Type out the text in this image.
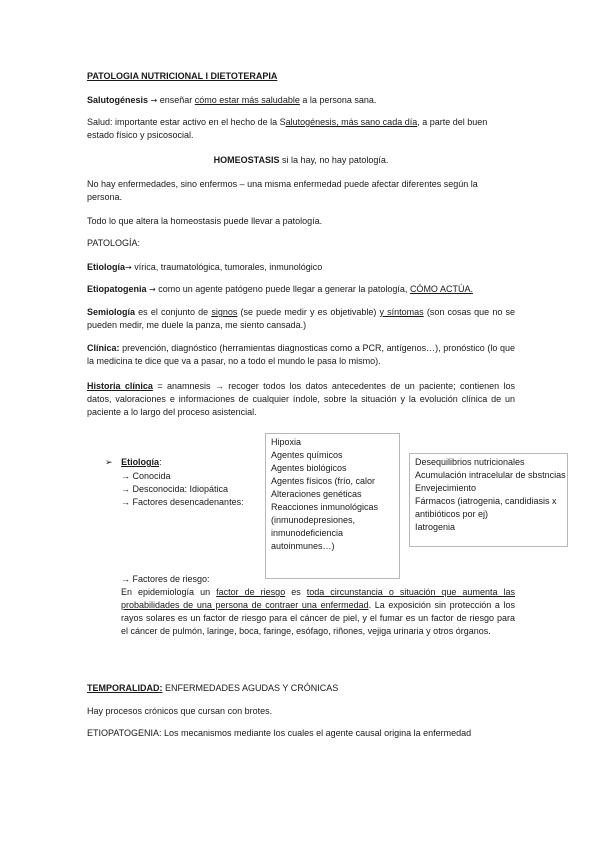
PATOLOGIA NUTRICIONAL I DIETOTERAPIA

Salutogénesis → enseñar cómo estar más saludable a la persona sana.

Salud: importante estar activo en el hecho de la Salutogénesis, más sano cada día, a parte del buen estado físico y psicosocial.

HOMEOSTASIS si la hay, no hay patología.

No hay enfermedades, sino enfermos – una misma enfermedad puede afectar diferentes según la persona.

Todo lo que altera la homeostasis puede llevar a patología.

PATOLOGÍA:

Etiología→ vírica, traumatológica, tumorales, inmunológico

Etiopatogenia → como un agente patógeno puede llegar a generar la patología, CÓMO ACTÚA.

Semiología es el conjunto de signos (se puede medir y es objetivable) y síntomas (son cosas que no se pueden medir, me duele la panza, me siento cansada.)

Clínica: prevención, diagnóstico (herramientas diagnosticas como a PCR, antígenos…), pronóstico (lo que la medicina te dice que va a pasar, no a todo el mundo le pasa lo mismo).

Historia clínica = anamnesis → recoger todos los datos antecedentes de un paciente; contienen los datos, valoraciones e informaciones de cualquier índole, sobre la situación y la evolución clínica de un paciente a lo largo del proceso asistencial.

➢ Etiología:
→ Conocida
→ Desconocida: Idiopática
→ Factores desencadenantes:
Hipoxia
Agentes químicos
Agentes biológicos
Agentes físicos (frío, calor
Alteraciones genéticas
Reacciones inmunológicas
(inmunodepresiones,
inmunodeficiencia
autoinmunes…)
Desequilibrios nutricionales
Acumulación intracelular de sbstncias
Envejecimiento
Fármacos (iatrogenia, candidiasis x
antibióticos por ej)
Iatrogenia

→ Factores de riesgo:

En epidemiología un factor de riesgo es toda circunstancia o situación que aumenta las probabilidades de una persona de contraer una enfermedad. La exposición sin protección a los rayos solares es un factor de riesgo para el cáncer de piel, y el fumar es un factor de riesgo para el cáncer de pulmón, laringe, boca, faringe, esófago, riñones, vejiga urinaria y otros órganos.

TEMPORALIDAD: ENFERMEDADES AGUDAS Y CRÓNICAS

Hay procesos crónicos que cursan con brotes.

ETIOPATOGENIA: Los mecanismos mediante los cuales el agente causal origina la enfermedad
